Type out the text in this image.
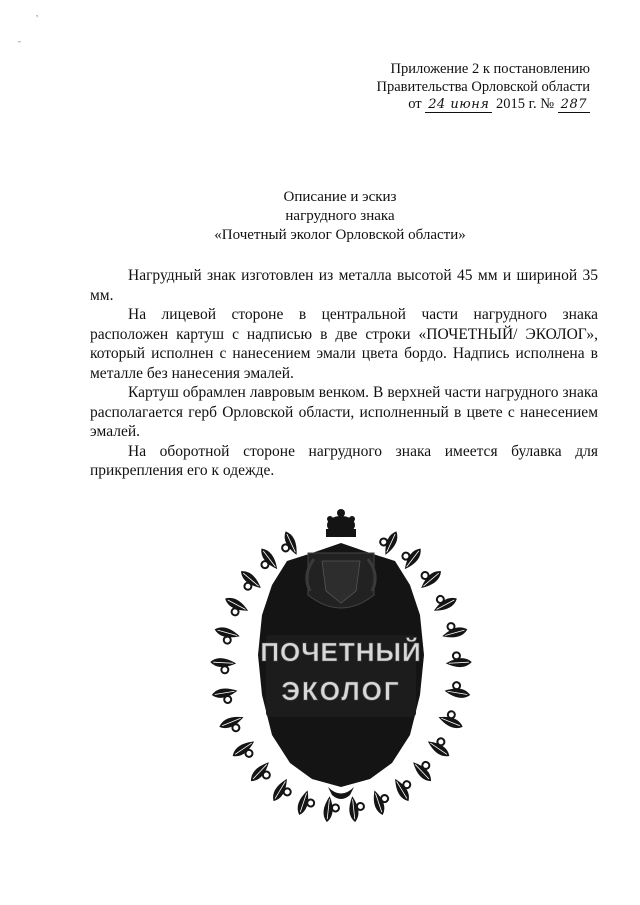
,
-
Приложение 2 к постановлению
Правительства Орловской области
от 24 июня 2015 г. № 287
Описание и эскиз
нагрудного знака
«Почетный эколог Орловской области»

Нагрудный знак изготовлен из металла высотой 45 мм и шириной 35 мм.

На лицевой стороне в центральной части нагрудного знака расположен картуш с надписью в две строки «ПОЧЕТНЫЙ/ ЭКОЛОГ», который исполнен с нанесением эмали цвета бордо. Надпись исполнена в металле без нанесения эмалей.

Картуш обрамлен лавровым венком. В верхней части нагрудного знака располагается герб Орловской области, исполненный в цвете с нанесением эмалей.

На оборотной стороне нагрудного знака имеется булавка для прикрепления его к одежде.

ПОЧЕТНЫЙ
ЭКОЛОГ
